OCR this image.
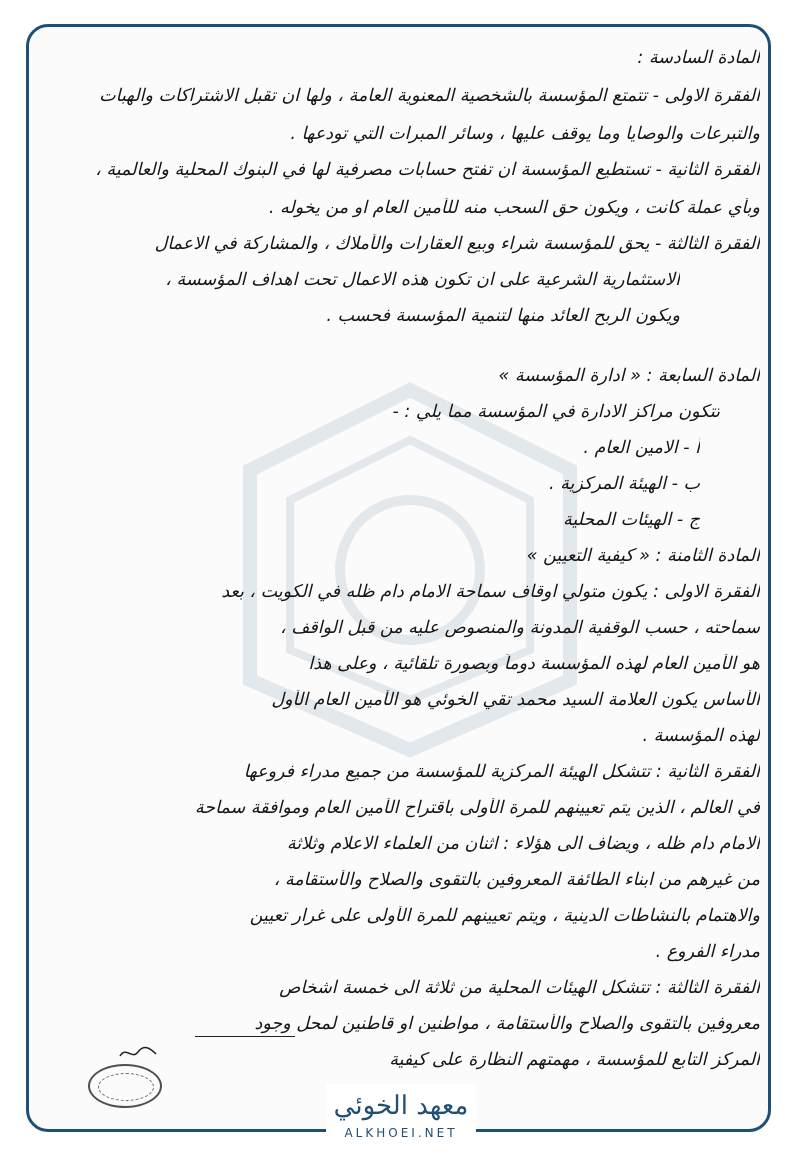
المادة السادسة :
الفقرة الاولى - تتمتع المؤسسة بالشخصية المعنوية العامة ، ولها ان تقبل الاشتراكات والهبات
والتبرعات والوصايا وما يوقف عليها ، وسائر المبرات التي تودعها .
الفقرة الثانية - تستطيع المؤسسة ان تفتح حسابات مصرفية لها في البنوك المحلية والعالمية ،
وبأي عملة كانت ، ويكون حق السحب منه للأمين العام او من يخوله .
الفقرة الثالثة - يحق للمؤسسة شراء وبيع العقارات والأملاك ، والمشاركة في الاعمال
الاستثمارية الشرعية على ان تكون هذه الاعمال تحت اهداف المؤسسة ،
ويكون الربح العائد منها لتنمية المؤسسة فحسب .
المادة السابعة : « ادارة المؤسسة »
تتكون مراكز الادارة في المؤسسة مما يلي : -
أ - الامين العام .
ب - الهيئة المركزية .
ج - الهيئات المحلية
المادة الثامنة : « كيفية التعيين »
الفقرة الاولى : يكون متولي اوقاف سماحة الامام دام ظله في الكويت ، بعد
سماحته ، حسب الوقفية المدونة والمنصوص عليه من قبل الواقف ،
هو الأمين العام لهذه المؤسسة دوماً وبصورة تلقائية ، وعلى هذا
الأساس يكون العلامة السيد محمد تقي الخوئي هو الأمين العام الأول
لهذه المؤسسة .
الفقرة الثانية : تتشكل الهيئة المركزية للمؤسسة من جميع مدراء فروعها
في العالم ، الذين يتم تعيينهم للمرة الأولى باقتراح الأمين العام وموافقة سماحة
الامام دام ظله ، ويضاف الى هؤلاء : اثنان من العلماء الاعلام وثلاثة
من غيرهم من ابناء الطائفة المعروفين بالتقوى والصلاح والأستقامة ،
والاهتمام بالنشاطات الدينية ، ويتم تعيينهم للمرة الأولى على غرار تعيين
مدراء الفروع .
الفقرة الثالثة : تتشكل الهيئات المحلية من ثلاثة الى خمسة اشخاص
معروفين بالتقوى والصلاح والأستقامة ، مواطنين او قاطنين لمحل وجود
المركز التابع للمؤسسة ، مهمتهم النظارة على كيفية
معهد الخوئي
ALKHOEI.NET
